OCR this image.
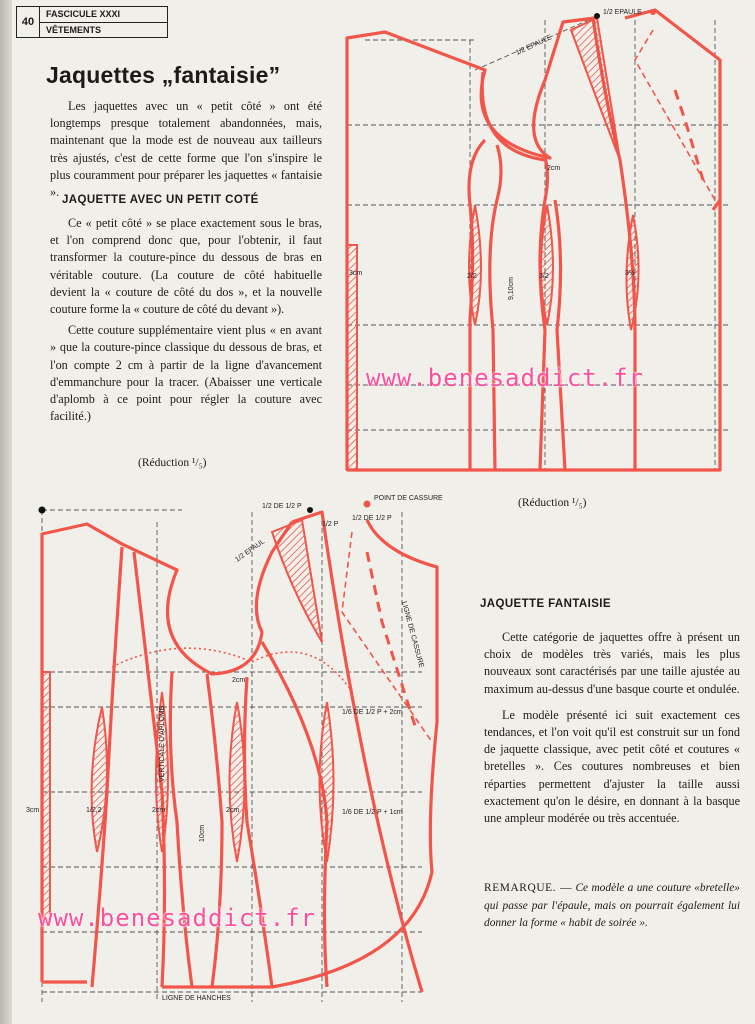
40
FASCICULE XXXI
VÊTEMENTS
Jaquettes „fantaisie”

Les jaquettes avec un « petit côté » ont été longtemps presque totalement abandonnées, mais, maintenant que la mode est de nouveau aux tailleurs très ajustés, c'est de cette forme que l'on s'inspire le plus couramment pour préparer les jaquettes « fantaisie ».

JAQUETTE AVEC UN PETIT COTÉ

Ce « petit côté » se place exactement sous le bras, et l'on comprend donc que, pour l'obtenir, il faut transformer la couture-pince du dessous de bras en véritable couture. (La couture de côté habituelle devient la « couture de côté du dos », et la nouvelle couture forme la « couture de côté du devant »).

Cette couture supplémentaire vient plus « en avant » que la couture-pince classique du dessous de bras, et l'on compte 2 cm à partir de la ligne d'avancement d'emmanchure pour la tracer. (Abaisser une verticale d'aplomb à ce point pour régler la couture avec facilité.)

(Réduction ¹/₅)
(Réduction ¹/₅)
JAQUETTE FANTAISIE

Cette catégorie de jaquettes offre à présent un choix de modèles très variés, mais les plus nouveaux sont caractérisés par une taille ajustée au maximum au-dessus d'une basque courte et ondulée.

Le modèle présenté ici suit exactement ces tendances, et l'on voit qu'il est construit sur un fond de jaquette classique, avec petit côté et coutures « bretelles ». Ces coutures nombreuses et bien réparties permettent d'ajuster la taille aussi exactement qu'on le désire, en donnant à la basque une ampleur modérée ou très accentuée.

REMARQUE. — Ce modèle a une couture «bretelle» qui passe par l'épaule, mais on pourrait également lui donner la forme « habit de soirée ».
1/2 EPAULE
1/2 EPAULE
2cm
3cm	2/2	3/2	3½
9,10cm
POINT DE CASSURE
1/2 DE 1/2 P
1/2 DE 1/2 P
1/2 EPAUL
1/2 P
LIGNE DE CASSURE
1/6 DE 1/2 P + 2cm
1/6 DE 1/2 P + 1cm
2cm
3cm	1/2,2	2cm	2cm
10cm
VERTICALE D'APLOMB
LIGNE DE HANCHES
www.benesaddict.fr
www.benesaddict.fr
